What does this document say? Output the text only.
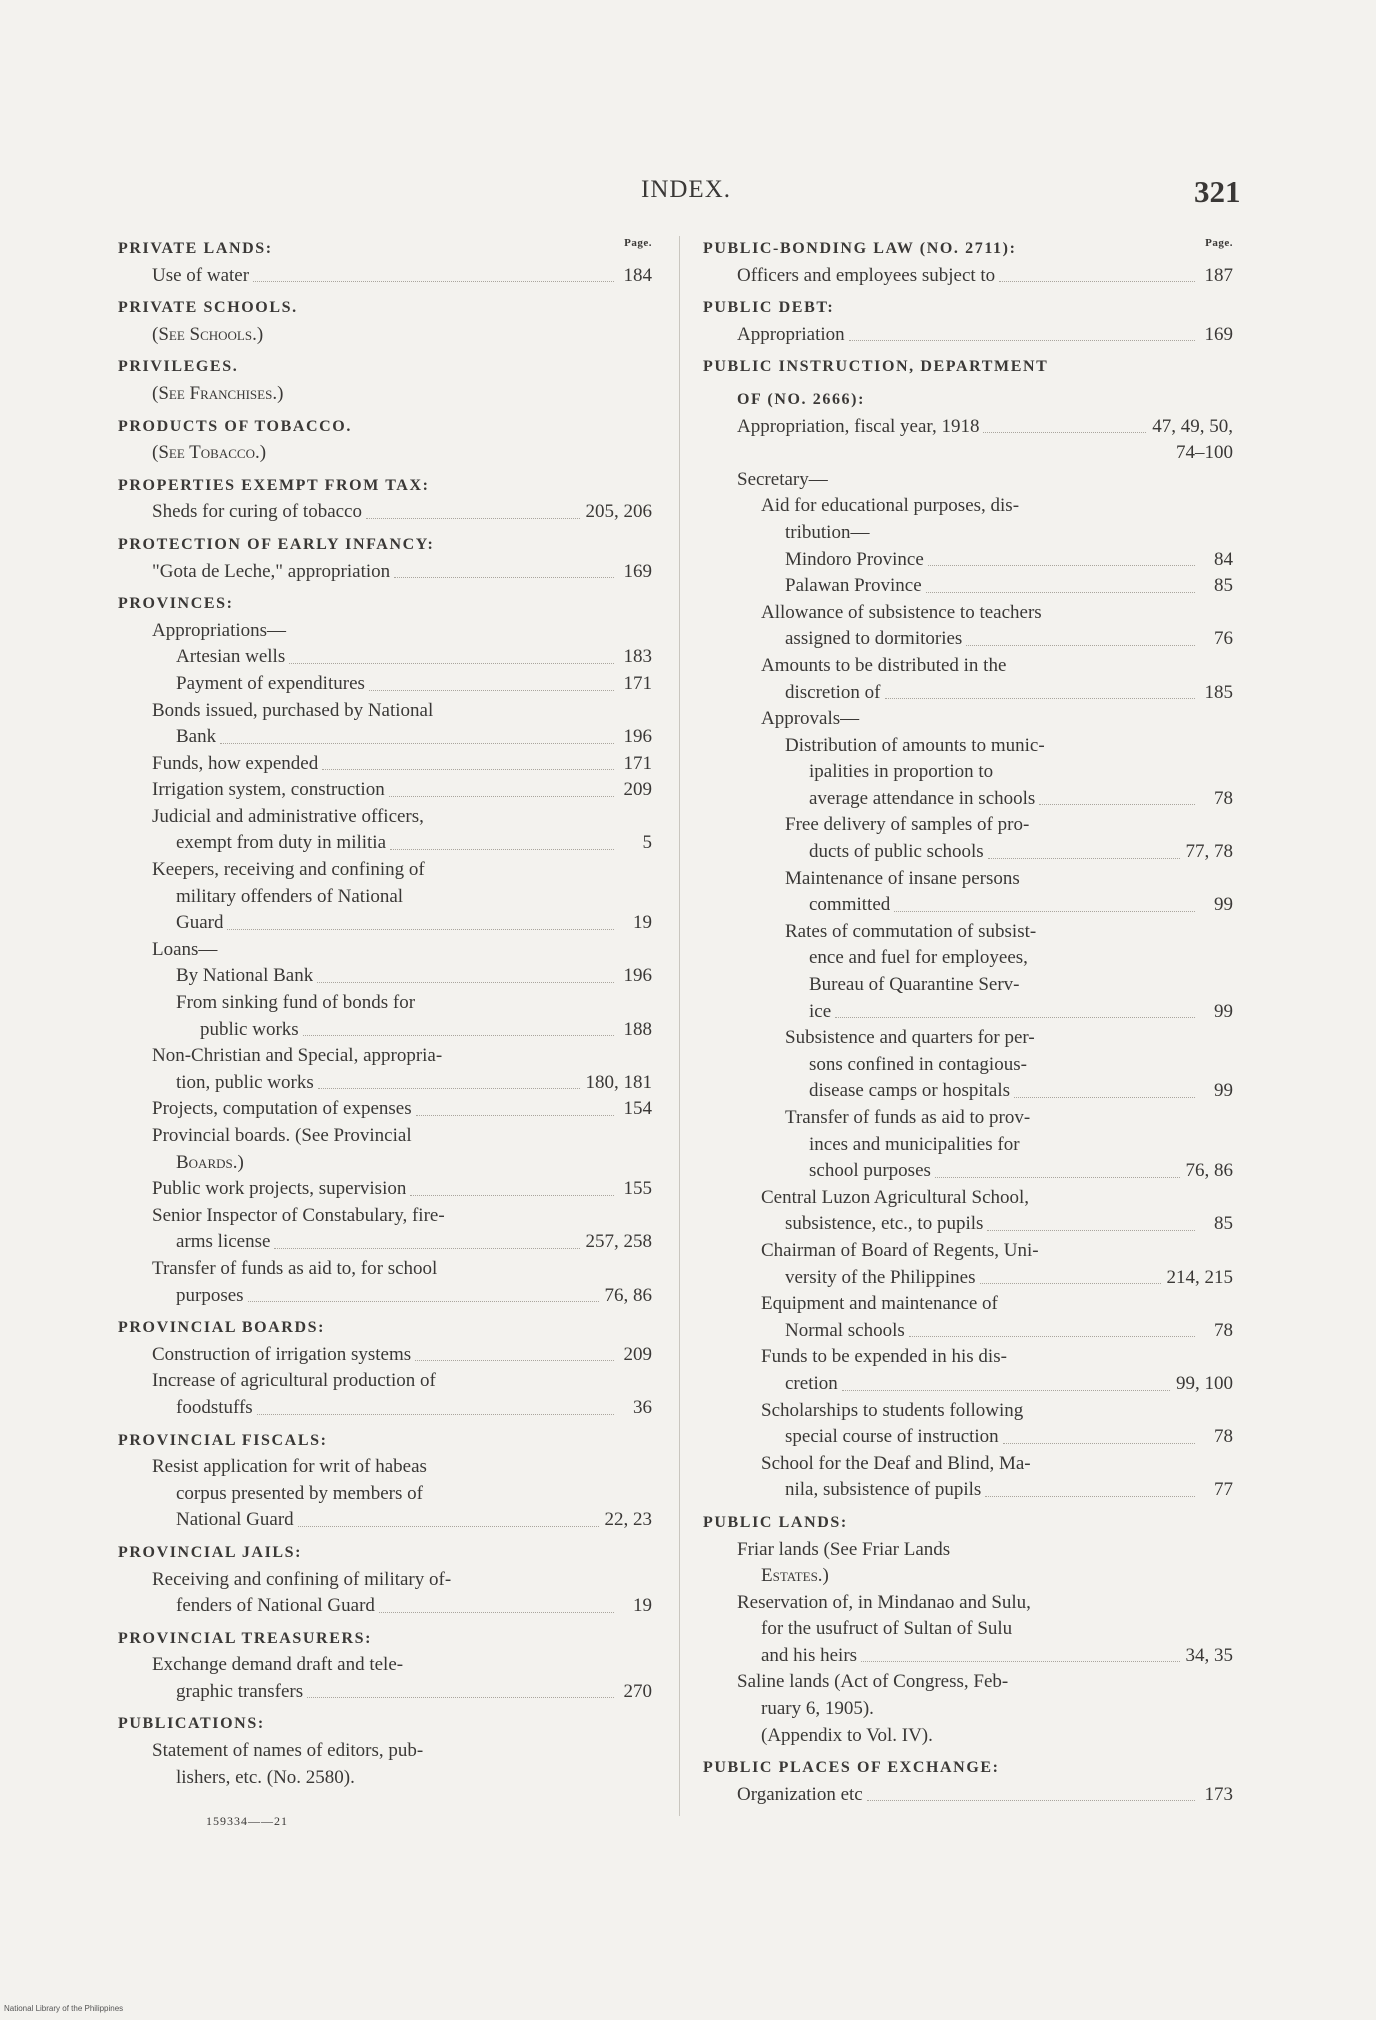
INDEX.	321
Page.
PRIVATE LANDS:
Use of water	184
PRIVATE SCHOOLS.
(See Schools.)
PRIVILEGES.
(See Franchises.)
PRODUCTS OF TOBACCO.
(See Tobacco.)
PROPERTIES EXEMPT FROM TAX:
Sheds for curing of tobacco	205, 206
PROTECTION OF EARLY INFANCY:
"Gota de Leche," appropriation	169
PROVINCES:
Appropriations—
Artesian wells	183
Payment of expenditures	171
Bonds issued, purchased by National
Bank	196
Funds, how expended	171
Irrigation system, construction	209
Judicial and administrative officers,
exempt from duty in militia	5
Keepers, receiving and confining of
military offenders of National
Guard	19
Loans—
By National Bank	196
From sinking fund of bonds for
public works	188
Non-Christian and Special, appropria-
tion, public works	180, 181
Projects, computation of expenses	154
Provincial boards. (See Provincial
Boards.)
Public work projects, supervision	155
Senior Inspector of Constabulary, fire-
arms license	257, 258
Transfer of funds as aid to, for school
purposes	76, 86
PROVINCIAL BOARDS:
Construction of irrigation systems	209
Increase of agricultural production of
foodstuffs	36
PROVINCIAL FISCALS:
Resist application for writ of habeas
corpus presented by members of
National Guard	22, 23
PROVINCIAL JAILS:
Receiving and confining of military of-
fenders of National Guard	19
PROVINCIAL TREASURERS:
Exchange demand draft and tele-
graphic transfers	270
PUBLICATIONS:
Statement of names of editors, pub-
lishers, etc. (No. 2580).
Page.
PUBLIC-BONDING LAW (NO. 2711):
Officers and employees subject to	187
PUBLIC DEBT:
Appropriation	169
PUBLIC INSTRUCTION, DEPARTMENT
OF (NO. 2666):
Appropriation, fiscal year, 1918	47, 49, 50,
74–100
Secretary—
Aid for educational purposes, dis-
tribution—
Mindoro Province	84
Palawan Province	85
Allowance of subsistence to teachers
assigned to dormitories	76
Amounts to be distributed in the
discretion of	185
Approvals—
Distribution of amounts to munic-
ipalities in proportion to
average attendance in schools	78
Free delivery of samples of pro-
ducts of public schools	77, 78
Maintenance of insane persons
committed	99
Rates of commutation of subsist-
ence and fuel for employees,
Bureau of Quarantine Serv-
ice	99
Subsistence and quarters for per-
sons confined in contagious-
disease camps or hospitals	99
Transfer of funds as aid to prov-
inces and municipalities for
school purposes	76, 86
Central Luzon Agricultural School,
subsistence, etc., to pupils	85
Chairman of Board of Regents, Uni-
versity of the Philippines	214, 215
Equipment and maintenance of
Normal schools	78
Funds to be expended in his dis-
cretion	99, 100
Scholarships to students following
special course of instruction	78
School for the Deaf and Blind, Ma-
nila, subsistence of pupils	77
PUBLIC LANDS:
Friar lands (See Friar Lands
Estates.)
Reservation of, in Mindanao and Sulu,
for the usufruct of Sultan of Sulu
and his heirs	34, 35
Saline lands (Act of Congress, Feb-
ruary 6, 1905).
(Appendix to Vol. IV).
PUBLIC PLACES OF EXCHANGE:
Organization etc	173
159334——21
National Library of the Philippines
